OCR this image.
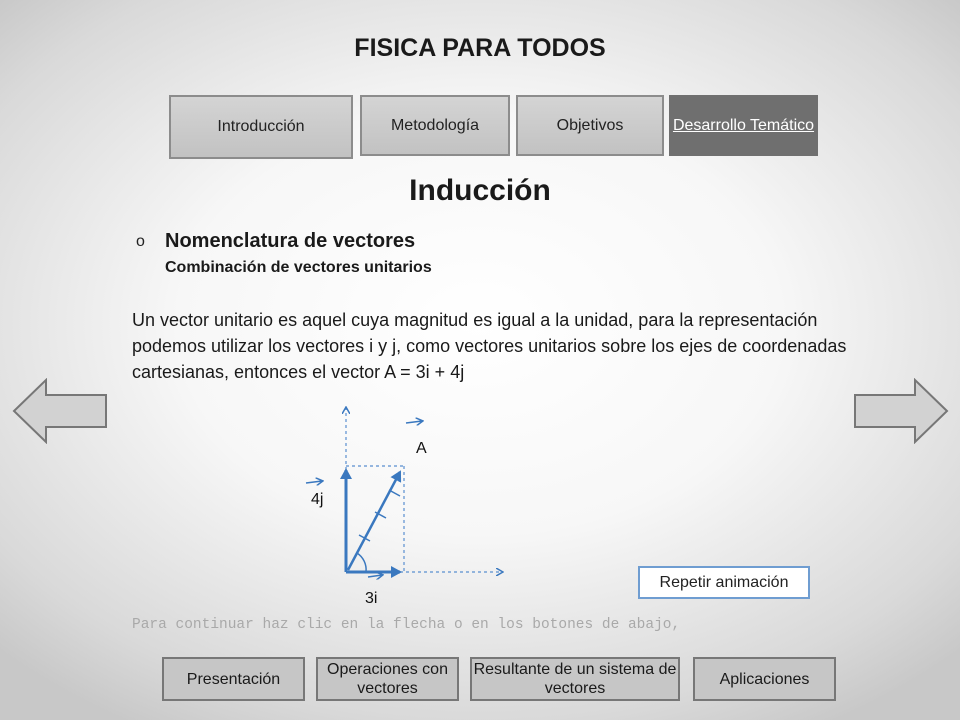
FISICA PARA TODOS
Introducción	Metodología	Objetivos	Desarrollo Temático
Inducción
o Nomenclatura de vectores
Combinación de vectores unitarios
Un vector unitario es aquel cuya magnitud es igual a la unidad, para la representación podemos utilizar los vectores i y j, como vectores unitarios sobre los ejes de coordenadas cartesianas, entonces el vector A = 3i + 4j
A
4j
3i
Repetir animación
Para continuar haz clic en la flecha o en los botones de abajo,
Presentación
Operaciones con vectores
Resultante de un sistema de vectores
Aplicaciones
